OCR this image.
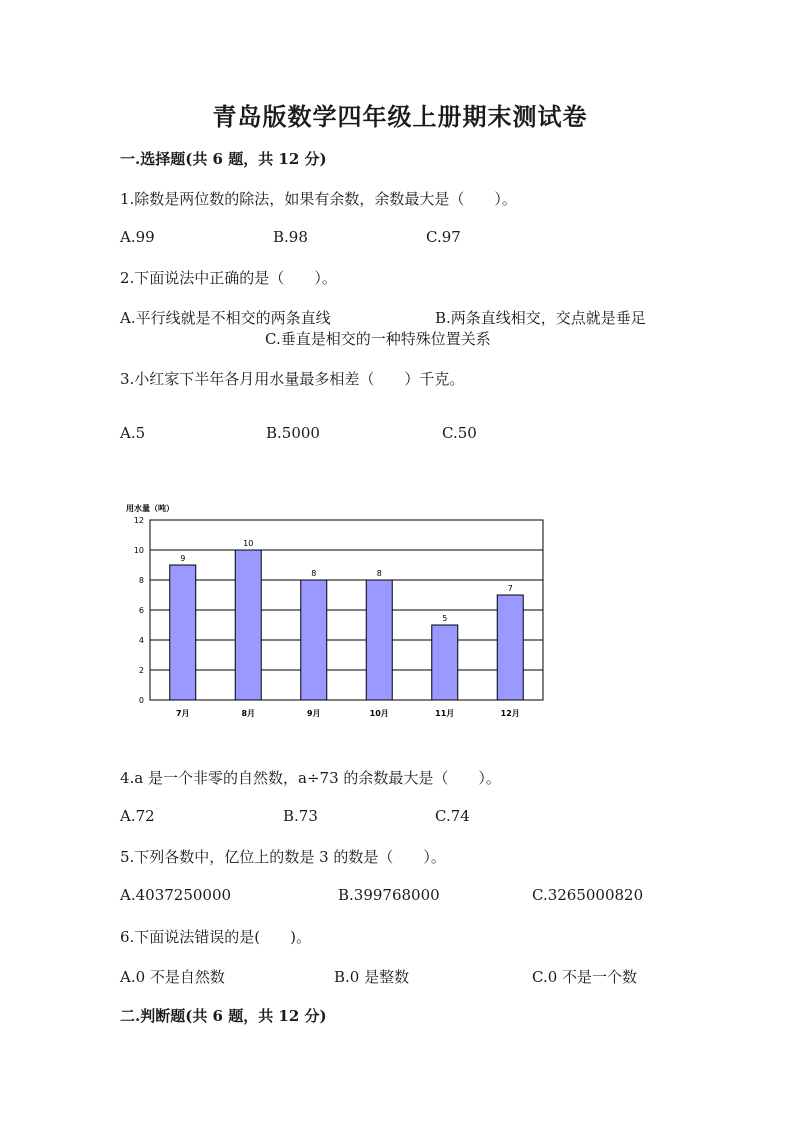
青岛版数学四年级上册期末测试卷
一.选择题(共 6 题，共 12 分)
1.除数是两位数的除法，如果有余数，余数最大是（　　）。
A.99	B.98	C.97
2.下面说法中正确的是（　　）。
A.平行线就是不相交的两条直线	B.两条直线相交，交点就是垂足
C.垂直是相交的一种特殊位置关系
3.小红家下半年各月用水量最多相差（　　）千克。
A.5	B.5000	C.50
用水量（吨）
0
2
4
6
8
10
12
9
7月
10
8月
8
9月
8
10月
5
11月
7
12月
4.a 是一个非零的自然数，a÷73 的余数最大是（　　）。
A.72	B.73	C.74
5.下列各数中，亿位上的数是 3 的数是（　　）。
A.4037250000	B.399768000	C.3265000820
6.下面说法错误的是(　　)。
A.0 不是自然数	B.0 是整数	C.0 不是一个数
二.判断题(共 6 题，共 12 分)
